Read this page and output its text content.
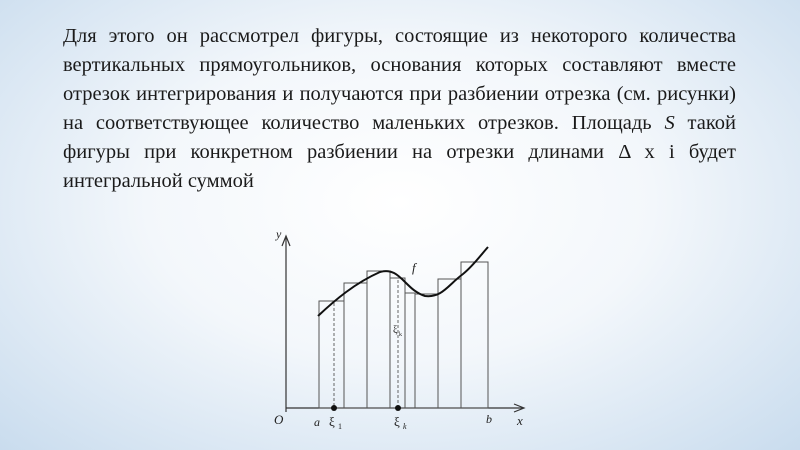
Для этого он рассмотрел фигуры, состоящие из некоторого количества вертикальных прямоугольников, основания которых составляют вместе отрезок интегрирования и получаются при разбиении отрезка (см. рисунки) на соответствующее количество маленьких отрезков. Площадь S такой фигуры при конкретном разбиении на отрезки длинами Δ x i будет интегральной суммой

y
x
O
f
a ξ 1	ξ k
b
ξ k
